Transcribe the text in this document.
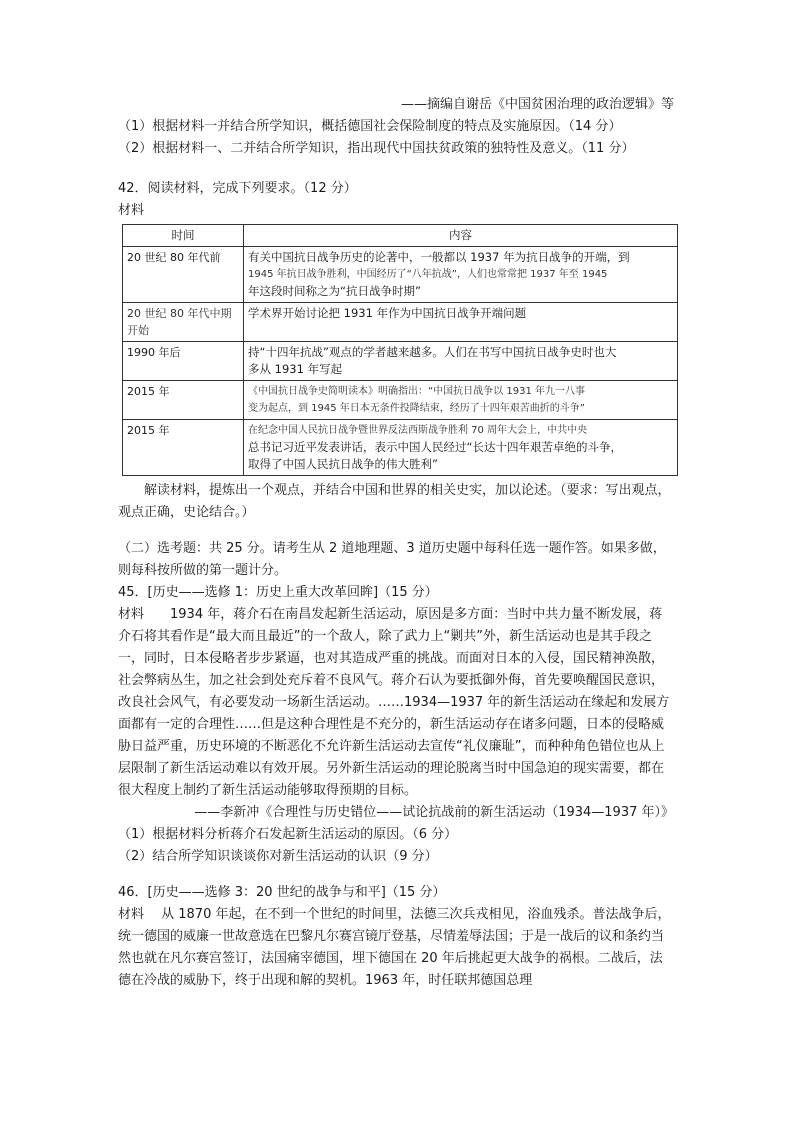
——摘编自谢岳《中国贫困治理的政治逻辑》等

（1）根据材料一并结合所学知识，概括德国社会保险制度的特点及实施原因。（14 分）

（2）根据材料一、二并结合所学知识，指出现代中国扶贫政策的独特性及意义。（11 分）

42．阅读材料，完成下列要求。（12 分）

材料

时间	内容
20 世纪 80 年代前	有关中国抗日战争历史的论著中，一般都以 1937 年为抗日战争的开端，到
1945 年抗日战争胜利，中国经历了“八年抗战”，人们也常常把 1937 年至 1945
年这段时间称之为“抗日战争时期”

20 世纪 80 年代中期开始	学术界开始讨论把 1931 年作为中国抗日战争开端问题

1990 年后	持“十四年抗战”观点的学者越来越多。人们在书写中国抗日战争史时也大
多从 1931 年写起

2015 年	《中国抗日战争史简明读本》明确指出：“中国抗日战争以 1931 年九一八事
变为起点，到 1945 年日本无条件投降结束，经历了十四年艰苦曲折的斗争”

2015 年	在纪念中国人民抗日战争暨世界反法西斯战争胜利 70 周年大会上，中共中央
总书记习近平发表讲话，表示中国人民经过“长达十四年艰苦卓绝的斗争，
取得了中国人民抗日战争的伟大胜利”

解读材料，提炼出一个观点，并结合中国和世界的相关史实，加以论述。（要求：写出观点，观点正确，史论结合。）

（二）选考题：共 25 分。请考生从 2 道地理题、3 道历史题中每科任选一题作答。如果多做，则每科按所做的第一题计分。

45．[历史——选修 1：历史上重大改革回眸]（15 分）

材料　　1934 年，蒋介石在南昌发起新生活运动，原因是多方面：当时中共力量不断发展，蒋介石将其看作是“最大而且最近”的一个敌人，除了武力上“剿共”外，新生活运动也是其手段之一，同时，日本侵略者步步紧逼，也对其造成严重的挑战。而面对日本的入侵，国民精神涣散，社会弊病丛生，加之社会到处充斥着不良风气。蒋介石认为要抵御外侮，首先要唤醒国民意识，改良社会风气，有必要发动一场新生活运动。……1934—1937 年的新生活运动在缘起和发展方面都有一定的合理性……但是这种合理性是不充分的，新生活运动存在诸多问题，日本的侵略威胁日益严重，历史环境的不断恶化不允许新生活运动去宣传“礼仪廉耻”，而种种角色错位也从上层限制了新生活运动难以有效开展。另外新生活运动的理论脱离当时中国急迫的现实需要，都在很大程度上制约了新生活运动能够取得预期的目标。

——李新冲《合理性与历史错位——试论抗战前的新生活运动（1934—1937 年）》

（1）根据材料分析蒋介石发起新生活运动的原因。（6 分）

（2）结合所学知识谈谈你对新生活运动的认识（9 分）

46．[历史——选修 3：20 世纪的战争与和平]（15 分）

材料　 从 1870 年起，在不到一个世纪的时间里，法德三次兵戎相见，浴血残杀。普法战争后，统一德国的威廉一世故意选在巴黎凡尔赛宫镜厅登基，尽情羞辱法国；于是一战后的议和条约当然也就在凡尔赛宫签订，法国痛宰德国，埋下德国在 20 年后挑起更大战争的祸根。二战后，法德在冷战的威胁下，终于出现和解的契机。1963 年，时任联邦德国总理
